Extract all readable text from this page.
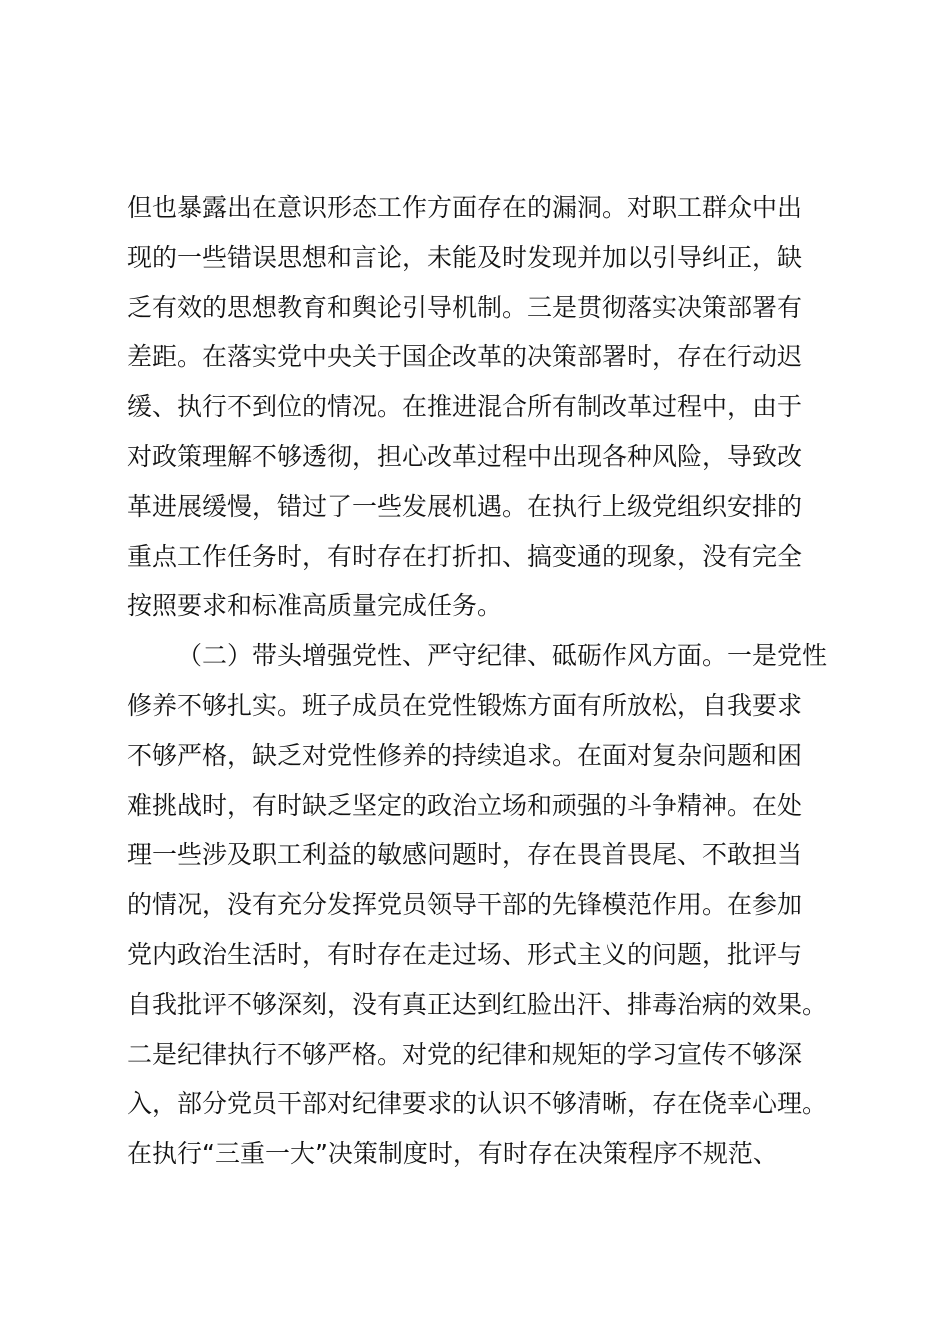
但也暴露出在意识形态工作方面存在的漏洞。对职工群众中出
现的一些错误思想和言论，未能及时发现并加以引导纠正，缺
乏有效的思想教育和舆论引导机制。三是贯彻落实决策部署有
差距。在落实党中央关于国企改革的决策部署时，存在行动迟
缓、执行不到位的情况。在推进混合所有制改革过程中，由于
对政策理解不够透彻，担心改革过程中出现各种风险，导致改
革进展缓慢，错过了一些发展机遇。在执行上级党组织安排的
重点工作任务时，有时存在打折扣、搞变通的现象，没有完全
按照要求和标准高质量完成任务。
（二）带头增强党性、严守纪律、砥砺作风方面。一是党性
修养不够扎实。班子成员在党性锻炼方面有所放松，自我要求
不够严格，缺乏对党性修养的持续追求。在面对复杂问题和困
难挑战时，有时缺乏坚定的政治立场和顽强的斗争精神。在处
理一些涉及职工利益的敏感问题时，存在畏首畏尾、不敢担当
的情况，没有充分发挥党员领导干部的先锋模范作用。在参加
党内政治生活时，有时存在走过场、形式主义的问题，批评与
自我批评不够深刻，没有真正达到红脸出汗、排毒治病的效果。
二是纪律执行不够严格。对党的纪律和规矩的学习宣传不够深
入，部分党员干部对纪律要求的认识不够清晰，存在侥幸心理。
在执行“三重一大”决策制度时，有时存在决策程序不规范、
